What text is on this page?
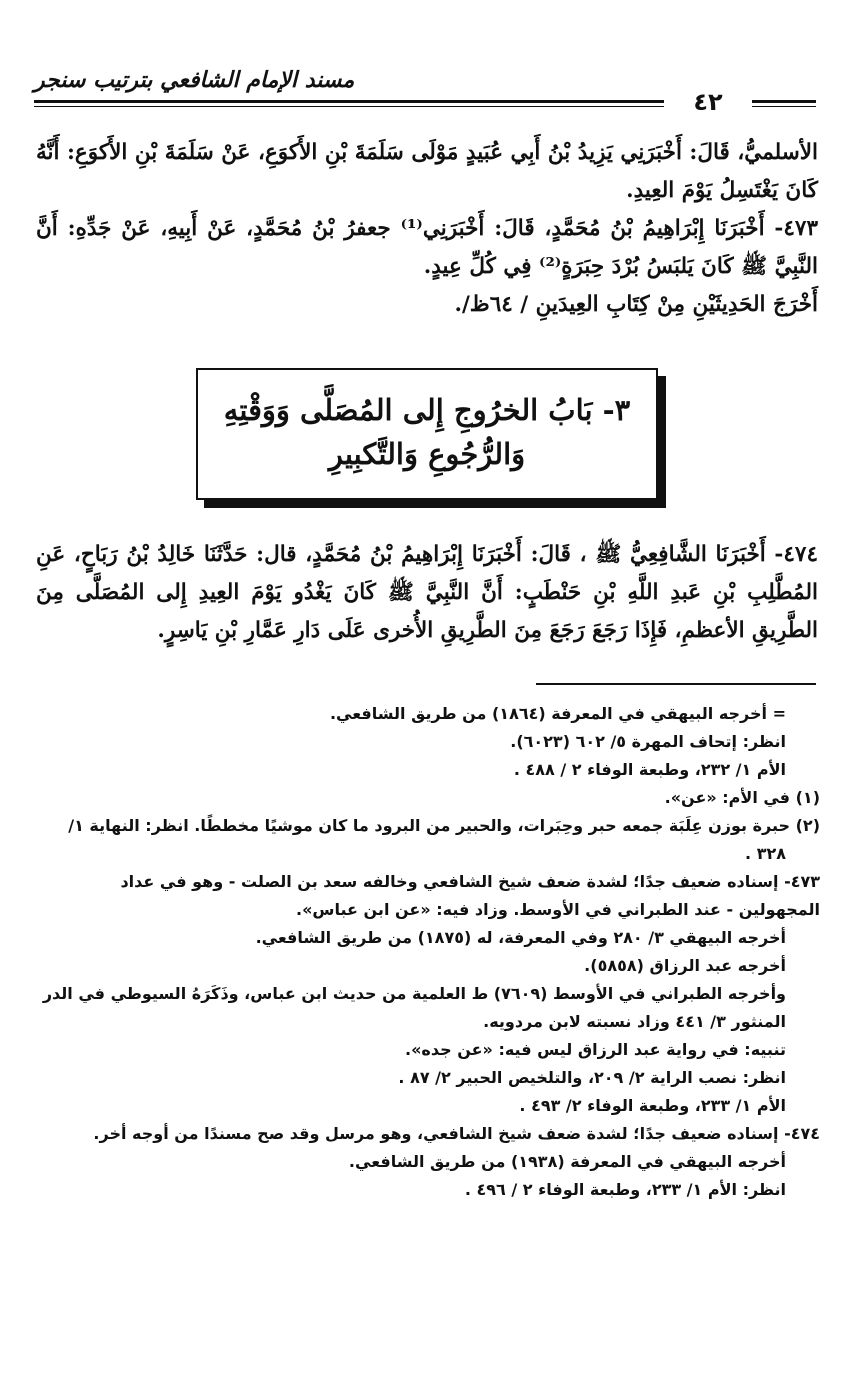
مسند الإمام الشافعي بترتيب سنجر
٤٢

الأسلميُّ، قَالَ: أَخْبَرَنِي يَزِيدُ بْنُ أَبِي عُبَيدٍ مَوْلَى سَلَمَةَ بْنِ الأَكوَعِ، عَنْ سَلَمَةَ بْنِ الأَكوَعِ: أَنَّهُ كَانَ يَغْتَسِلُ يَوْمَ العِيدِ.

٤٧٣- أَخْبَرَنَا إِبْرَاهِيمُ بْنُ مُحَمَّدٍ، قَالَ: أَخْبَرَنِي⁽¹⁾ جعفرُ بْنُ مُحَمَّدٍ، عَنْ أَبِيهِ، عَنْ جَدِّهِ: أَنَّ النَّبِيَّ ﷺ كَانَ يَلبَسُ بُرْدَ حِبَرَةٍ⁽²⁾ فِي كُلِّ عِيدٍ.

أَخْرَجَ الحَدِيثَيْنِ مِنْ كِتَابِ العِيدَينِ / ٦٤ظ/.

٣- بَابُ الخرُوجِ إِلى المُصَلَّى وَوَقْتِهِ
وَالرُّجُوعِ وَالتَّكبِيرِ

٤٧٤- أَخْبَرَنَا الشَّافِعِيُّ ﷺ ، قَالَ: أَخْبَرَنَا إِبْرَاهِيمُ بْنُ مُحَمَّدٍ، قال: حَدَّثَنَا خَالِدُ بْنُ رَبَاحٍ، عَنِ المُطَّلِبِ بْنِ عَبدِ اللَّهِ بْنِ حَنْطَبٍ: أَنَّ النَّبِيَّ ﷺ كَانَ يَغْدُو يَوْمَ العِيدِ إِلى المُصَلَّى مِنَ الطَّرِيقِ الأعظمِ، فَإِذَا رَجَعَ رَجَعَ مِنَ الطَّرِيقِ الأُخرى عَلَى دَارِ عَمَّارِ بْنِ يَاسِرٍ.

= أخرجه البيهقي في المعرفة (١٨٦٤) من طريق الشافعي.

انظر: إتحاف المهرة ٥/ ٦٠٢ (٦٠٢٣).

الأم ١/ ٢٣٢، وطبعة الوفاء ٢ / ٤٨٨ .

(١) في الأم: «عن».

(٢) حبرة بوزن عِلَبَة جمعه حبر وحِبَرات، والحبير من البرود ما كان موشيًا مخططًا. انظر: النهاية ١/ ٣٢٨ .

٤٧٣- إسناده ضعيف جدًا؛ لشدة ضعف شيخ الشافعي وخالفه سعد بن الصلت - وهو في عداد المجهولين - عند الطبراني في الأوسط. وزاد فيه: «عن ابن عباس».

أخرجه البيهقي ٣/ ٢٨٠ وفي المعرفة، له (١٨٧٥) من طريق الشافعي.

أخرجه عبد الرزاق (٥٨٥٨).

وأخرجه الطبراني في الأوسط (٧٦٠٩) ط العلمية من حديث ابن عباس، وذَكَرَهُ السيوطي في الدر المنثور ٣/ ٤٤١ وزاد نسبته لابن مردويه.

تنبيه: في رواية عبد الرزاق ليس فيه: «عن جده».

انظر: نصب الراية ٢/ ٢٠٩، والتلخيص الحبير ٢/ ٨٧ .

الأم ١/ ٢٣٣، وطبعة الوفاء ٢/ ٤٩٣ .

٤٧٤- إسناده ضعيف جدًا؛ لشدة ضعف شيخ الشافعي، وهو مرسل وقد صح مسندًا من أوجه أخر.

أخرجه البيهقي في المعرفة (١٩٣٨) من طريق الشافعي.

انظر: الأم ١/ ٢٣٣، وطبعة الوفاء ٢ / ٤٩٦ .
